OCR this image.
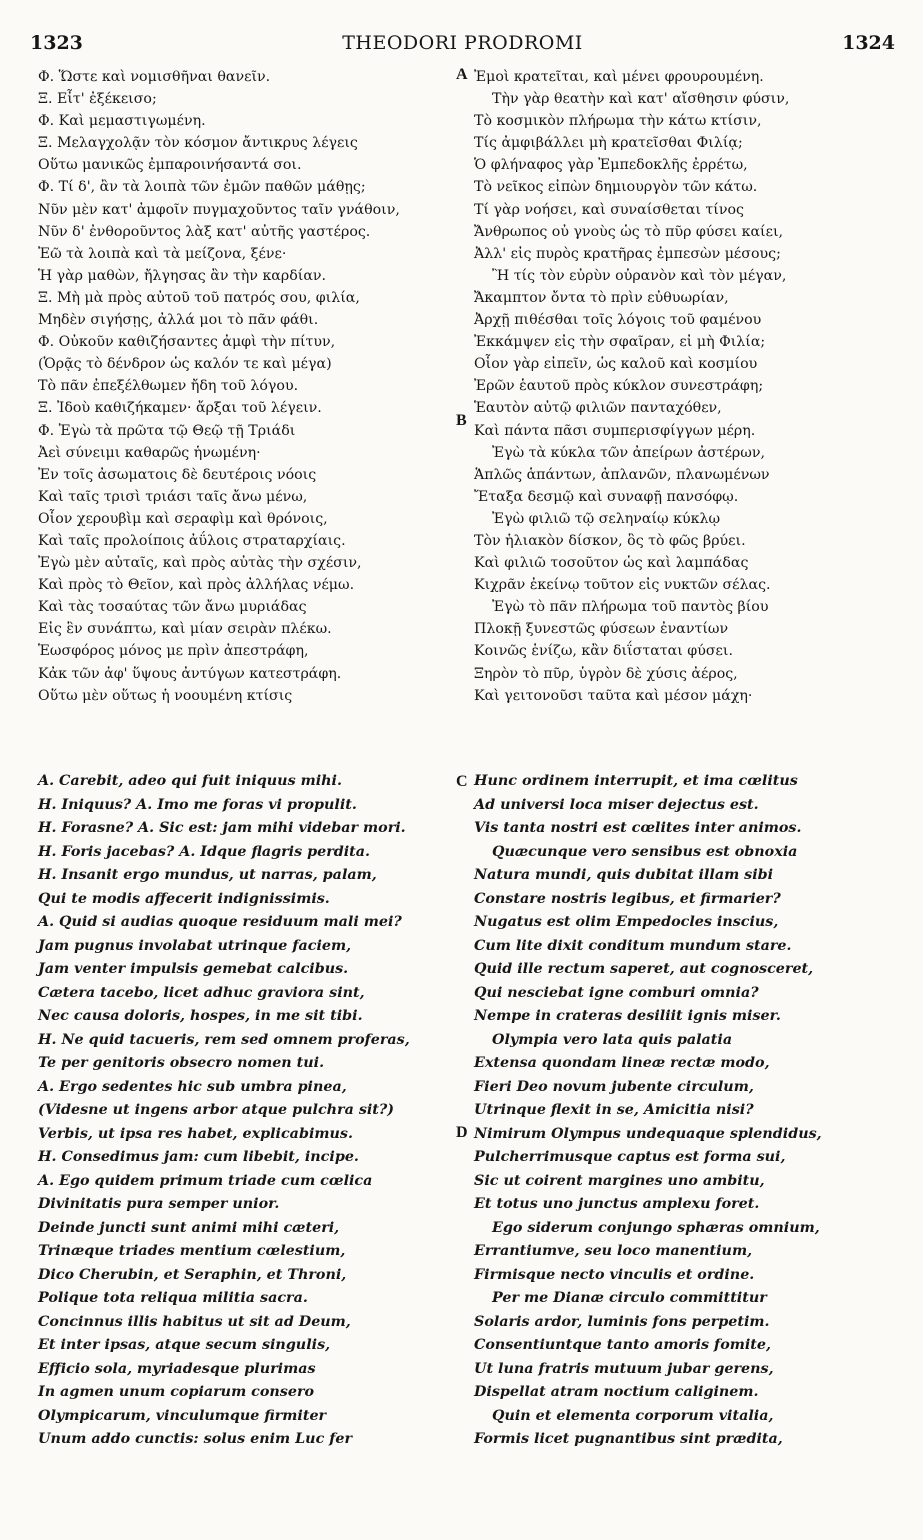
1323	THEODORI PRODROMI	1324
A
B
C
D
Φ. Ὥστε καὶ νομισθῆναι θανεῖν.
Ξ. Εἶτ' ἐξέκεισο;
Φ. Καὶ μεμαστιγωμένη.
Ξ. Μελαγχολᾷν τὸν κόσμον ἄντικρυς λέγεις
Οὕτω μανικῶς ἐμπαροινήσαντά σοι.
Φ. Τί δ', ἂν τὰ λοιπὰ τῶν ἐμῶν παθῶν μάθῃς;
Νῦν μὲν κατ' ἀμφοῖν πυγμαχοῦντος ταῖν γνάθοιν,
Νῦν δ' ἐνθοροῦντος λὰξ κατ' αὐτῆς γαστέρος.
Ἐῶ τὰ λοιπὰ καὶ τὰ μείζονα, ξένε·
Ἡ γὰρ μαθὼν, ἤλγησας ἂν τὴν καρδίαν.
Ξ. Μὴ μὰ πρὸς αὐτοῦ τοῦ πατρός σου, φιλία,
Μηδὲν σιγήσῃς, ἀλλά μοι τὸ πᾶν φάθι.
Φ. Οὐκοῦν καθιζήσαντες ἀμφὶ τὴν πίτυν,
(Ὁρᾷς τὸ δένδρον ὡς καλόν τε καὶ μέγα)
Τὸ πᾶν ἐπεξέλθωμεν ἤδη τοῦ λόγου.
Ξ. Ἰδοὺ καθιζήκαμεν· ἄρξαι τοῦ λέγειν.
Φ. Ἐγὼ τὰ πρῶτα τῷ Θεῷ τῇ Τριάδι
Ἀεὶ σύνειμι καθαρῶς ἡνωμένη·
Ἐν τοῖς ἀσωματοις δὲ δευτέροις νόοις
Καὶ ταῖς τρισὶ τριάσι ταῖς ἄνω μένω,
Οἷον χερουβὶμ καὶ σεραφὶμ καὶ θρόνοις,
Καὶ ταῖς προλοίποις ἀΰλοις στραταρχίαις.
Ἐγὼ μὲν αὐταῖς, καὶ πρὸς αὐτὰς τὴν σχέσιν,
Καὶ πρὸς τὸ Θεῖον, καὶ πρὸς ἀλλήλας νέμω.
Καὶ τὰς τοσαύτας τῶν ἄνω μυριάδας
Εἰς ἓν συνάπτω, καὶ μίαν σειρὰν πλέκω.
Ἑωσφόρος μόνος με πρὶν ἀπεστράφη,
Κἀκ τῶν ἀφ' ὕψους ἀντύγων κατεστράφη.
Οὕτω μὲν οὕτως ἡ νοουμένη κτίσις
Ἐμοὶ κρατεῖται, καὶ μένει φρουρουμένη.
Τὴν γὰρ θεατὴν καὶ κατ' αἴσθησιν φύσιν,
Τὸ κοσμικὸν πλήρωμα τὴν κάτω κτίσιν,
Τίς ἀμφιβάλλει μὴ κρατεῖσθαι Φιλίᾳ;
Ὁ φλήναφος γὰρ Ἐμπεδοκλῆς ἐρρέτω,
Τὸ νεῖκος εἰπὼν δημιουργὸν τῶν κάτω.
Τί γὰρ νοήσει, καὶ συναίσθεται τίνος
Ἄνθρωπος οὐ γνοὺς ὡς τὸ πῦρ φύσει καίει,
Ἀλλ' εἰς πυρὸς κρατῆρας ἐμπεσὼν μέσους;
Ἢ τίς τὸν εὐρὺν οὐρανὸν καὶ τὸν μέγαν,
Ἄκαμπτον ὄντα τὸ πρὶν εὐθυωρίαν,
Ἀρχῇ πιθέσθαι τοῖς λόγοις τοῦ φαμένου
Ἐκκάμψεν εἰς τὴν σφαῖραν, εἰ μὴ Φιλία;
Οἷον γὰρ εἰπεῖν, ὡς καλοῦ καὶ κοσμίου
Ἐρῶν ἑαυτοῦ πρὸς κύκλον συνεστράφη;
Ἑαυτὸν αὐτῷ φιλιῶν πανταχόθεν,
Καὶ πάντα πᾶσι συμπερισφίγγων μέρη.
Ἐγὼ τὰ κύκλα τῶν ἀπείρων ἀστέρων,
Ἁπλῶς ἁπάντων, ἀπλανῶν, πλανωμένων
Ἔταξα δεσμῷ καὶ συναφῇ πανσόφῳ.
Ἐγὼ φιλιῶ τῷ σεληναίῳ κύκλῳ
Τὸν ἡλιακὸν δίσκον, ὃς τὸ φῶς βρύει.
Καὶ φιλιῶ τοσοῦτον ὡς καὶ λαμπάδας
Κιχρᾶν ἐκείνῳ τοῦτον εἰς νυκτῶν σέλας.
Ἐγὼ τὸ πᾶν πλήρωμα τοῦ παντὸς βίου
Πλοκῇ ξυνεστῶς φύσεων ἐναντίων
Κοινῶς ἑνίζω, κἂν διΐσταται φύσει.
Ξηρὸν τὸ πῦρ, ὑγρὸν δὲ χύσις ἀέρος,
Καὶ γειτονοῦσι ταῦτα καὶ μέσον μάχη·
A. Carebit, adeo qui fuit iniquus mihi.
H. Iniquus? A. Imo me foras vi propulit.
H. Forasne? A. Sic est: jam mihi videbar mori.
H. Foris jacebas? A. Idque flagris perdita.
H. Insanit ergo mundus, ut narras, palam,
Qui te modis affecerit indignissimis.
A. Quid si audias quoque residuum mali mei?
Jam pugnus involabat utrinque faciem,
Jam venter impulsis gemebat calcibus.
Cætera tacebo, licet adhuc graviora sint,
Nec causa doloris, hospes, in me sit tibi.
H. Ne quid tacueris, rem sed omnem proferas,
Te per genitoris obsecro nomen tui.
A. Ergo sedentes hic sub umbra pinea,
(Videsne ut ingens arbor atque pulchra sit?)
Verbis, ut ipsa res habet, explicabimus.
H. Consedimus jam: cum libebit, incipe.
A. Ego quidem primum triade cum cœlica
Divinitatis pura semper unior.
Deinde juncti sunt animi mihi cæteri,
Trinæque triades mentium cœlestium,
Dico Cherubin, et Seraphin, et Throni,
Polique tota reliqua militia sacra.
Concinnus illis habitus ut sit ad Deum,
Et inter ipsas, atque secum singulis,
Efficio sola, myriadesque plurimas
In agmen unum copiarum consero
Olympicarum, vinculumque firmiter
Unum addo cunctis: solus enim Luc fer
Hunc ordinem interrupit, et ima cœlitus
Ad universi loca miser dejectus est.
Vis tanta nostri est cœlites inter animos.
Quæcunque vero sensibus est obnoxia
Natura mundi, quis dubitat illam sibi
Constare nostris legibus, et firmarier?
Nugatus est olim Empedocles inscius,
Cum lite dixit conditum mundum stare.
Quid ille rectum saperet, aut cognosceret,
Qui nesciebat igne comburi omnia?
Nempe in crateras desiliit ignis miser.
Olympia vero lata quis palatia
Extensa quondam lineæ rectæ modo,
Fieri Deo novum jubente circulum,
Utrinque flexit in se, Amicitia nisi?
Nimirum Olympus undequaque splendidus,
Pulcherrimusque captus est forma sui,
Sic ut coirent margines uno ambitu,
Et totus uno junctus amplexu foret.
Ego siderum conjungo sphæras omnium,
Errantiumve, seu loco manentium,
Firmisque necto vinculis et ordine.
Per me Dianæ circulo committitur
Solaris ardor, luminis fons perpetim.
Consentiuntque tanto amoris fomite,
Ut luna fratris mutuum jubar gerens,
Dispellat atram noctium caliginem.
Quin et elementa corporum vitalia,
Formis licet pugnantibus sint prædita,
